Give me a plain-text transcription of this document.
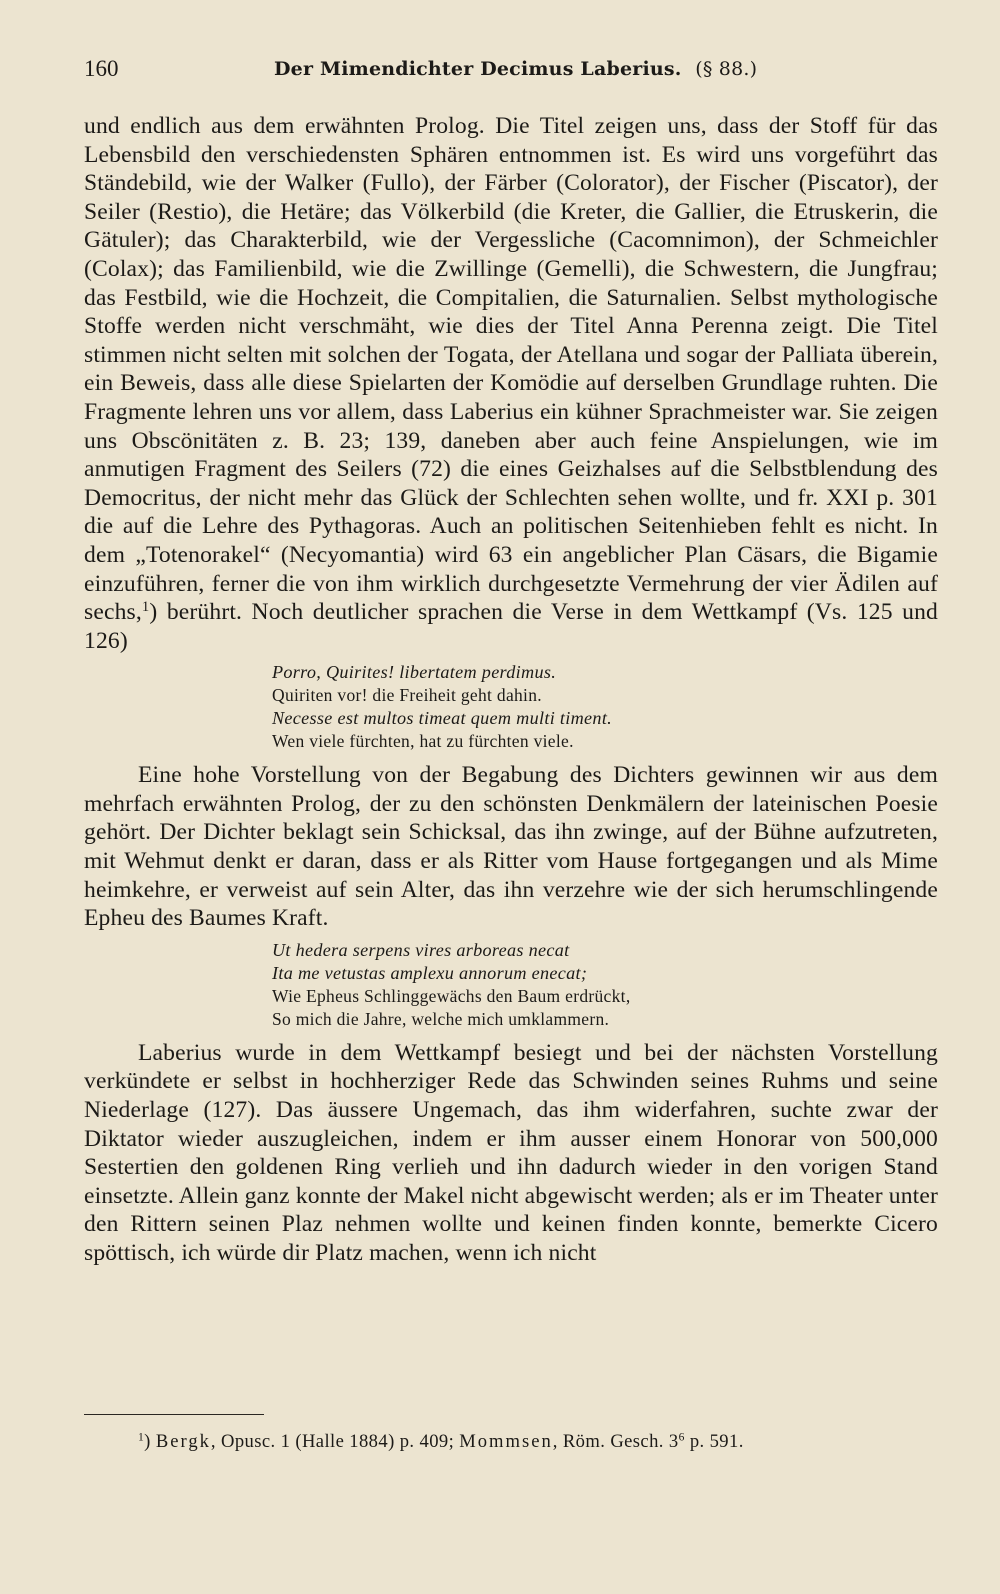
160	Der Mimendichter Decimus Laberius. (§ 88.)

und endlich aus dem erwähnten Prolog. Die Titel zeigen uns, dass der Stoff für das Lebensbild den verschiedensten Sphären entnommen ist. Es wird uns vorgeführt das Ständebild, wie der Walker (Fullo), der Färber (Colorator), der Fischer (Piscator), der Seiler (Restio), die Hetäre; das Völkerbild (die Kreter, die Gallier, die Etruskerin, die Gätuler); das Charakterbild, wie der Vergessliche (Cacomnimon), der Schmeichler (Colax); das Familienbild, wie die Zwillinge (Gemelli), die Schwestern, die Jungfrau; das Festbild, wie die Hochzeit, die Compitalien, die Saturnalien. Selbst mythologische Stoffe werden nicht verschmäht, wie dies der Titel Anna Perenna zeigt. Die Titel stimmen nicht selten mit solchen der Togata, der Atellana und sogar der Palliata überein, ein Beweis, dass alle diese Spielarten der Komödie auf derselben Grundlage ruhten. Die Fragmente lehren uns vor allem, dass Laberius ein kühner Sprachmeister war. Sie zeigen uns Obscönitäten z. B. 23; 139, daneben aber auch feine Anspielungen, wie im anmutigen Fragment des Seilers (72) die eines Geizhalses auf die Selbstblendung des Democritus, der nicht mehr das Glück der Schlechten sehen wollte, und fr. XXI p. 301 die auf die Lehre des Pythagoras. Auch an politischen Seitenhieben fehlt es nicht. In dem „Totenorakel“ (Necyomantia) wird 63 ein angeblicher Plan Cäsars, die Bigamie einzuführen, ferner die von ihm wirklich durchgesetzte Vermehrung der vier Ädilen auf sechs,$^1$) berührt. Noch deutlicher sprachen die Verse in dem Wettkampf (Vs. 125 und 126)

Porro, Quirites! libertatem perdimus.
Quiriten vor! die Freiheit geht dahin.
Necesse est multos timeat quem multi timent.
Wen viele fürchten, hat zu fürchten viele.

Eine hohe Vorstellung von der Begabung des Dichters gewinnen wir aus dem mehrfach erwähnten Prolog, der zu den schönsten Denkmälern der lateinischen Poesie gehört. Der Dichter beklagt sein Schicksal, das ihn zwinge, auf der Bühne aufzutreten, mit Wehmut denkt er daran, dass er als Ritter vom Hause fortgegangen und als Mime heimkehre, er verweist auf sein Alter, das ihn verzehre wie der sich herumschlingende Epheu des Baumes Kraft.

Ut hedera serpens vires arboreas necat
Ita me vetustas amplexu annorum enecat;
Wie Epheus Schlinggewächs den Baum erdrückt,
So mich die Jahre, welche mich umklammern.

Laberius wurde in dem Wettkampf besiegt und bei der nächsten Vorstellung verkündete er selbst in hochherziger Rede das Schwinden seines Ruhms und seine Niederlage (127). Das äussere Ungemach, das ihm widerfahren, suchte zwar der Diktator wieder auszugleichen, indem er ihm ausser einem Honorar von 500,000 Sestertien den goldenen Ring verlieh und ihn dadurch wieder in den vorigen Stand einsetzte. Allein ganz konnte der Makel nicht abgewischt werden; als er im Theater unter den Rittern seinen Plaz nehmen wollte und keinen finden konnte, bemerkte Cicero spöttisch, ich würde dir Platz machen, wenn ich nicht

$^1$) Bergk, Opusc. 1 (Halle 1884) p. 409; Mommsen, Röm. Gesch. $3^6$ p. 591.
